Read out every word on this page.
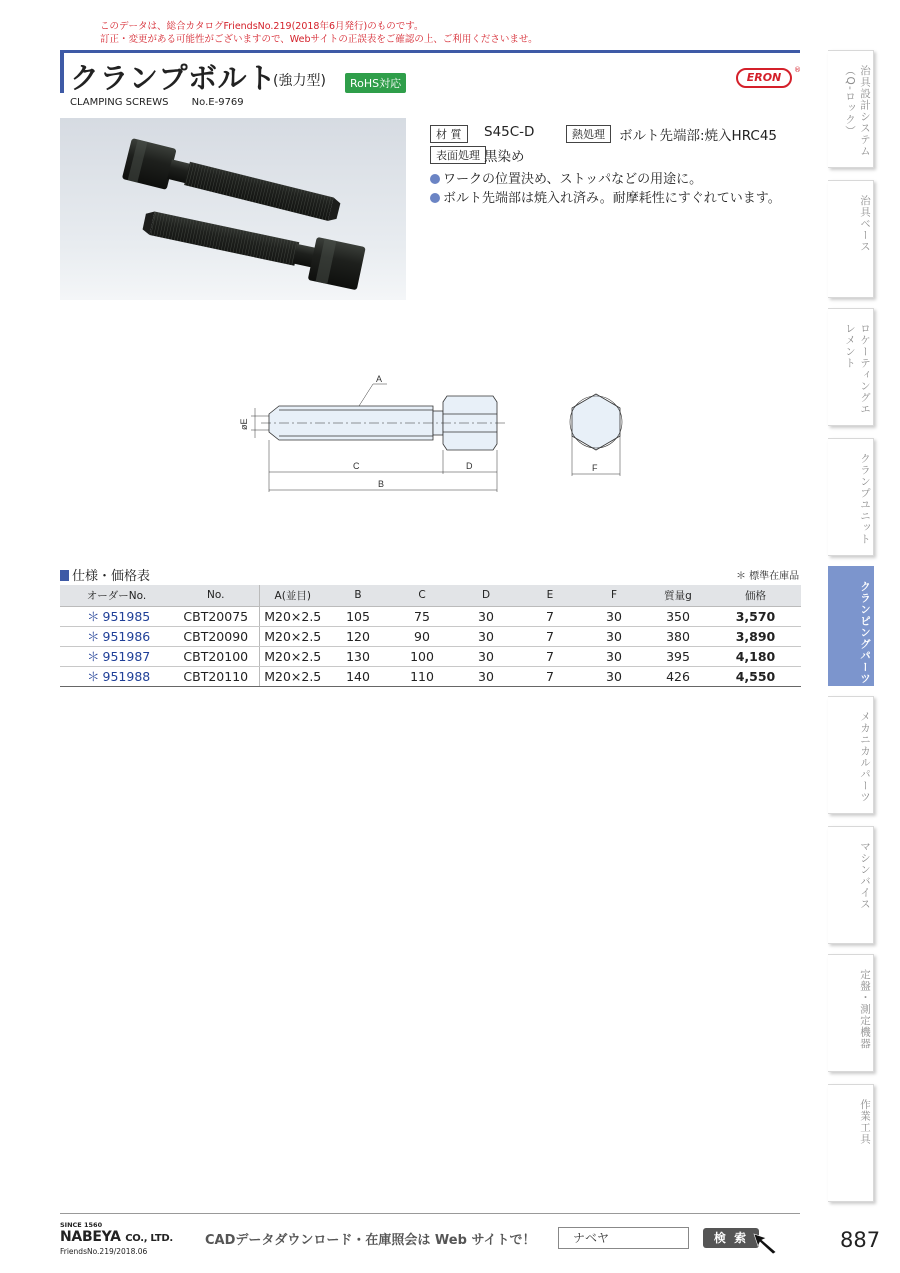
このデータは、総合カタログFriendsNo.219(2018年6月発行)のものです。
訂正・変更がある可能性がございますので、Webサイトの正誤表をご確認の上、ご利用くださいませ。
クランプボルト
(強力型)	RoHS対応
CLAMPING SCREWS No.E-9769
ERON
®
材 質	S45C-D	熱処理	ボルト先端部:焼入HRC45
表面処理 黒染め
ワークの位置決め、ストッパなどの用途に。
ボルト先端部は焼入れ済み。耐摩耗性にすぐれています。
øE
A
C	D
B
F
仕様・価格表	＊ 標準在庫品
オーダーNo.	No.	A(並目)	B	C	D	E	F	質量g	価格
＊ 951985	CBT20075	M20×2.5	105	75	30	7	30	350	3,570
＊ 951986	CBT20090	M20×2.5	120	90	30	7	30	380	3,890
＊ 951987	CBT20100	M20×2.5	130	100	30	7	30	395	4,180
＊ 951988	CBT20110	M20×2.5	140	110	30	7	30	426	4,550
治具設計システム（Q-ロック）
治具ベース
ロケーティングエレメント
クランプユニット
クランピングパーツ
メカニカルパーツ
マシンバイス
定盤・測定機器
作業工具
SINCE 1560
NABEYA CO., LTD.
FriendsNo.219/2018.06
CADデータダウンロード・在庫照会は Web サイトで！	ナベヤ	検 索	887
